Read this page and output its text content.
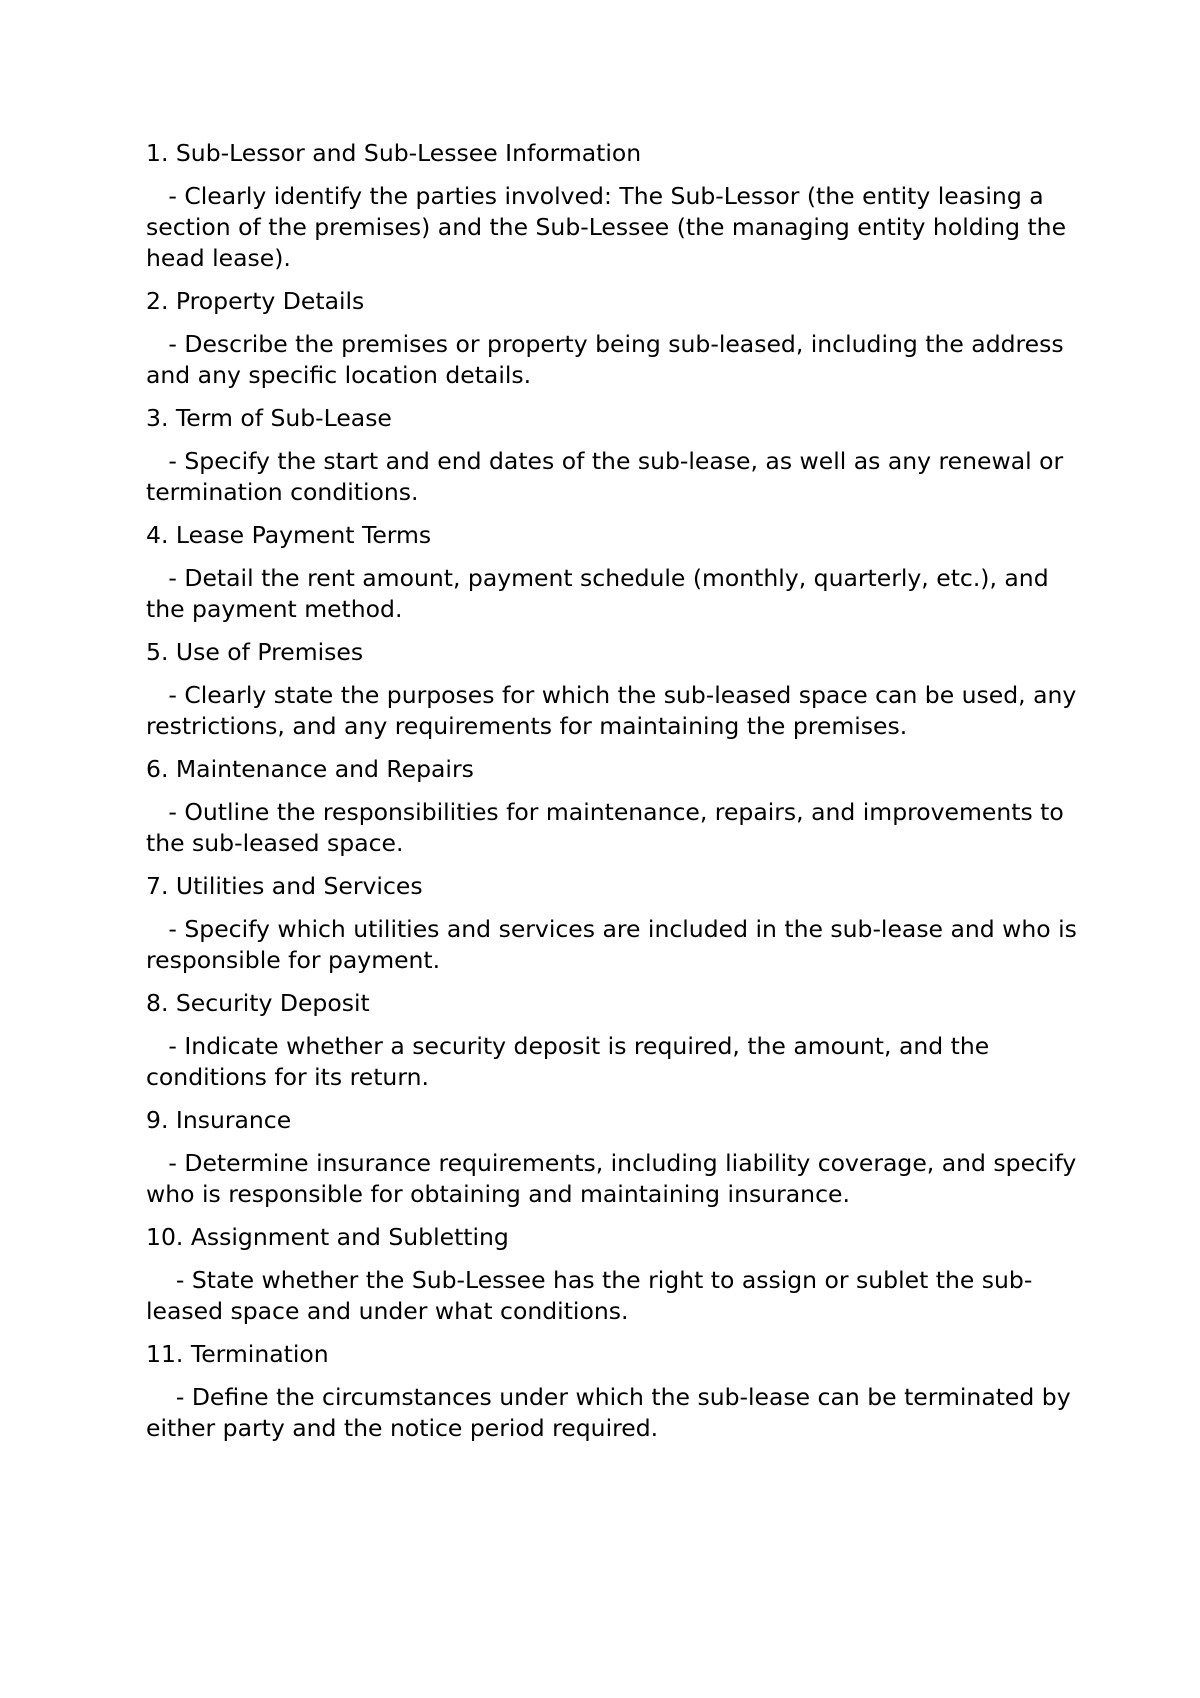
1. Sub-Lessor and Sub-Lessee Information

- Clearly identify the parties involved: The Sub-Lessor (the entity leasing a section of the premises) and the Sub-Lessee (the managing entity holding the head lease).

2. Property Details

- Describe the premises or property being sub-leased, including the address and any specific location details.

3. Term of Sub-Lease

- Specify the start and end dates of the sub-lease, as well as any renewal or termination conditions.

4. Lease Payment Terms

- Detail the rent amount, payment schedule (monthly, quarterly, etc.), and the payment method.

5. Use of Premises

- Clearly state the purposes for which the sub-leased space can be used, any restrictions, and any requirements for maintaining the premises.

6. Maintenance and Repairs

- Outline the responsibilities for maintenance, repairs, and improvements to the sub-leased space.

7. Utilities and Services

- Specify which utilities and services are included in the sub-lease and who is responsible for payment.

8. Security Deposit

- Indicate whether a security deposit is required, the amount, and the conditions for its return.

9. Insurance

- Determine insurance requirements, including liability coverage, and specify who is responsible for obtaining and maintaining insurance.

10. Assignment and Subletting

- State whether the Sub-Lessee has the right to assign or sublet the sub-leased space and under what conditions.

11. Termination

- Define the circumstances under which the sub-lease can be terminated by either party and the notice period required.
